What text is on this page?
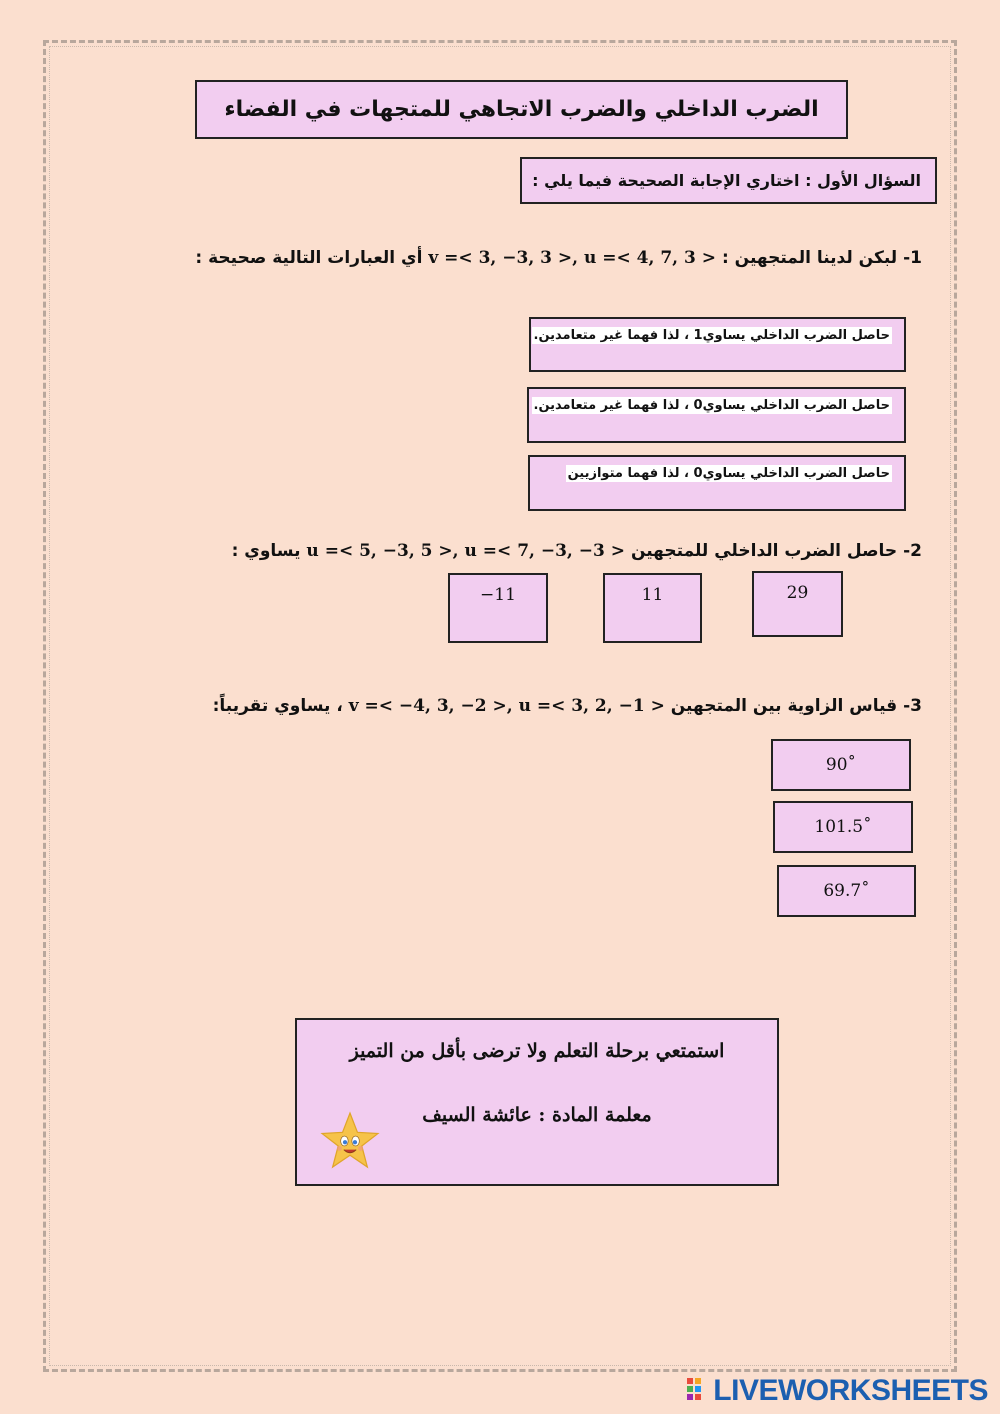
الضرب الداخلي والضرب الاتجاهي للمتجهات في الفضاء
السؤال الأول : اختاري الإجابة الصحيحة فيما يلي :
1- لبكن لدينا المتجهين : v =< 3, −3, 3 >, u =< 4, 7, 3 > أي العبارات التالية صحيحة :
حاصل الضرب الداخلي يساوي1 ، لذا فهما غير متعامدين.
حاصل الضرب الداخلي يساوي0 ، لذا فهما غير متعامدين.
حاصل الضرب الداخلي يساوي0 ، لذا فهما متوازيين
2- حاصل الضرب الداخلي للمتجهين u =< 5, −3, 5 >, u =< 7, −3, −3 > يساوي :
−11	11	29
3- قياس الزاوية بين المتجهين v =< −4, 3, −2 >, u =< 3, 2, −1 > ، يساوي تقريباً:
90˚
101.5˚
69.7˚
استمتعي برحلة التعلم ولا ترضى بأقل من التميز
معلمة المادة : عائشة السيف
LIVEWORKSHEETS
